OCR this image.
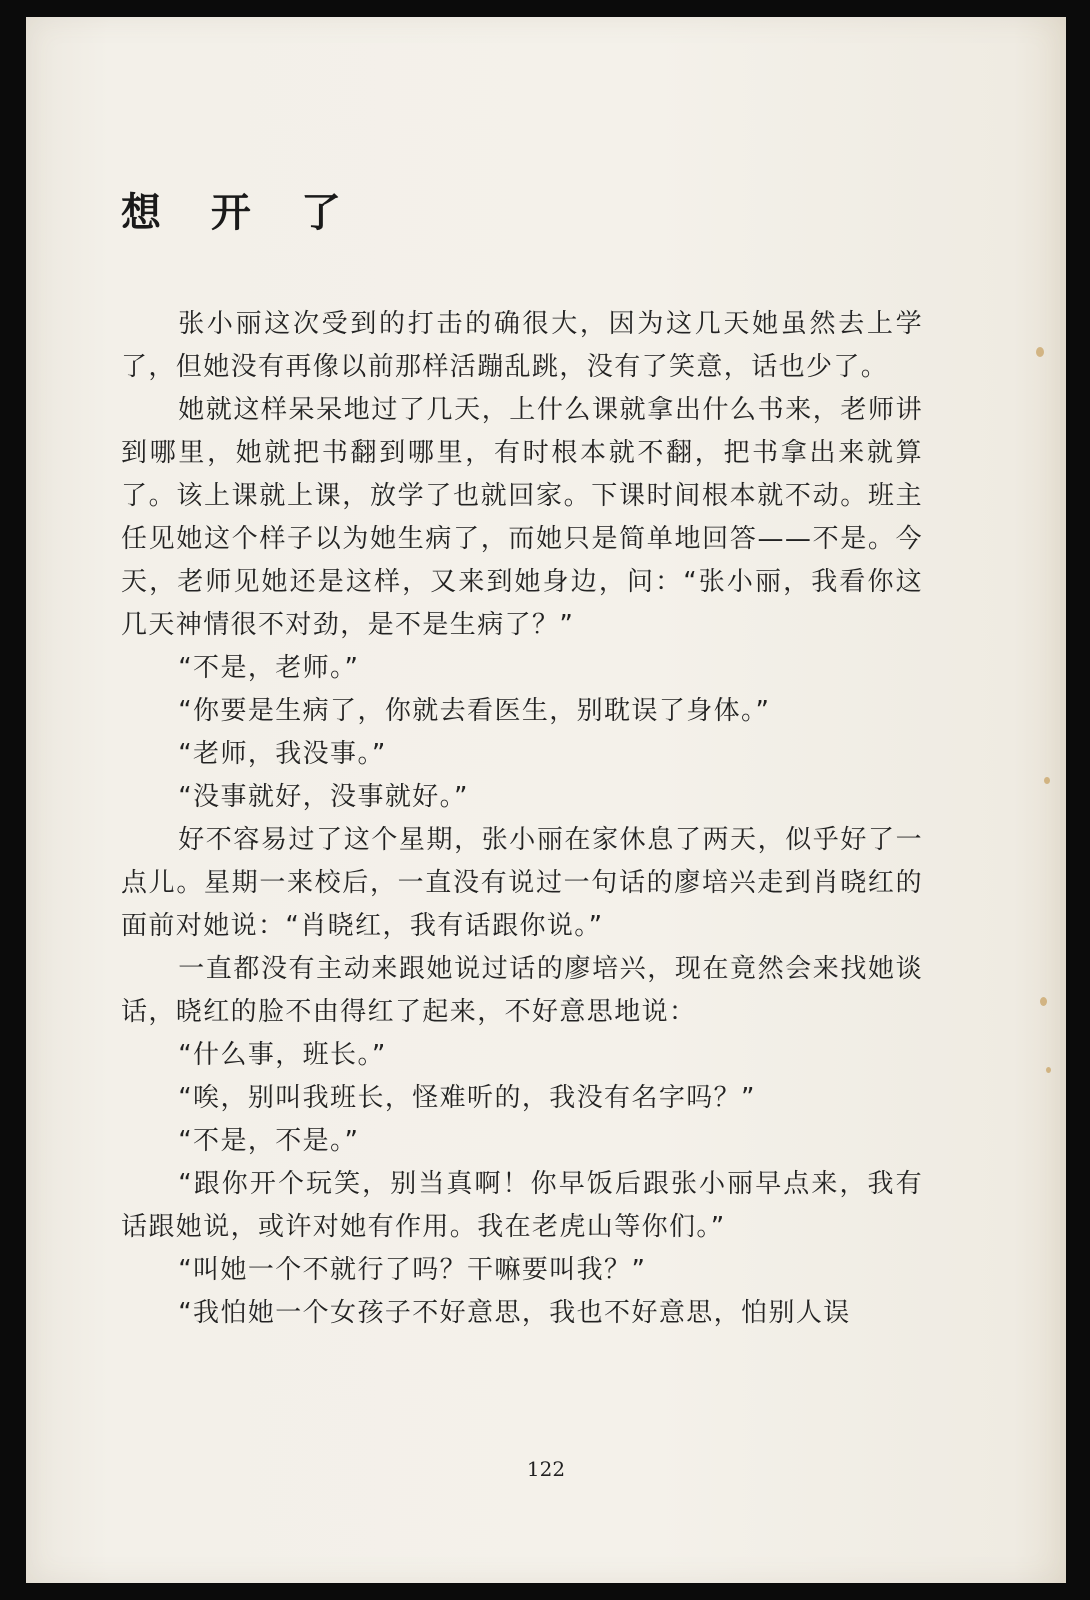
想 开 了

张小丽这次受到的打击的确很大，因为这几天她虽然去上学了，但她没有再像以前那样活蹦乱跳，没有了笑意，话也少了。

她就这样呆呆地过了几天，上什么课就拿出什么书来，老师讲到哪里，她就把书翻到哪里，有时根本就不翻，把书拿出来就算了。该上课就上课，放学了也就回家。下课时间根本就不动。班主任见她这个样子以为她生病了，而她只是简单地回答——不是。今天，老师见她还是这样，又来到她身边，问：“张小丽，我看你这几天神情很不对劲，是不是生病了？”

“不是，老师。”

“你要是生病了，你就去看医生，别耽误了身体。”

“老师，我没事。”

“没事就好，没事就好。”

好不容易过了这个星期，张小丽在家休息了两天，似乎好了一点儿。星期一来校后，一直没有说过一句话的廖培兴走到肖晓红的面前对她说：“肖晓红，我有话跟你说。”

一直都没有主动来跟她说过话的廖培兴，现在竟然会来找她谈话，晓红的脸不由得红了起来，不好意思地说：

“什么事，班长。”

“唉，别叫我班长，怪难听的，我没有名字吗？”

“不是，不是。”

“跟你开个玩笑，别当真啊！你早饭后跟张小丽早点来，我有话跟她说，或许对她有作用。我在老虎山等你们。”

“叫她一个不就行了吗？干嘛要叫我？”

“我怕她一个女孩子不好意思，我也不好意思，怕别人误

122
